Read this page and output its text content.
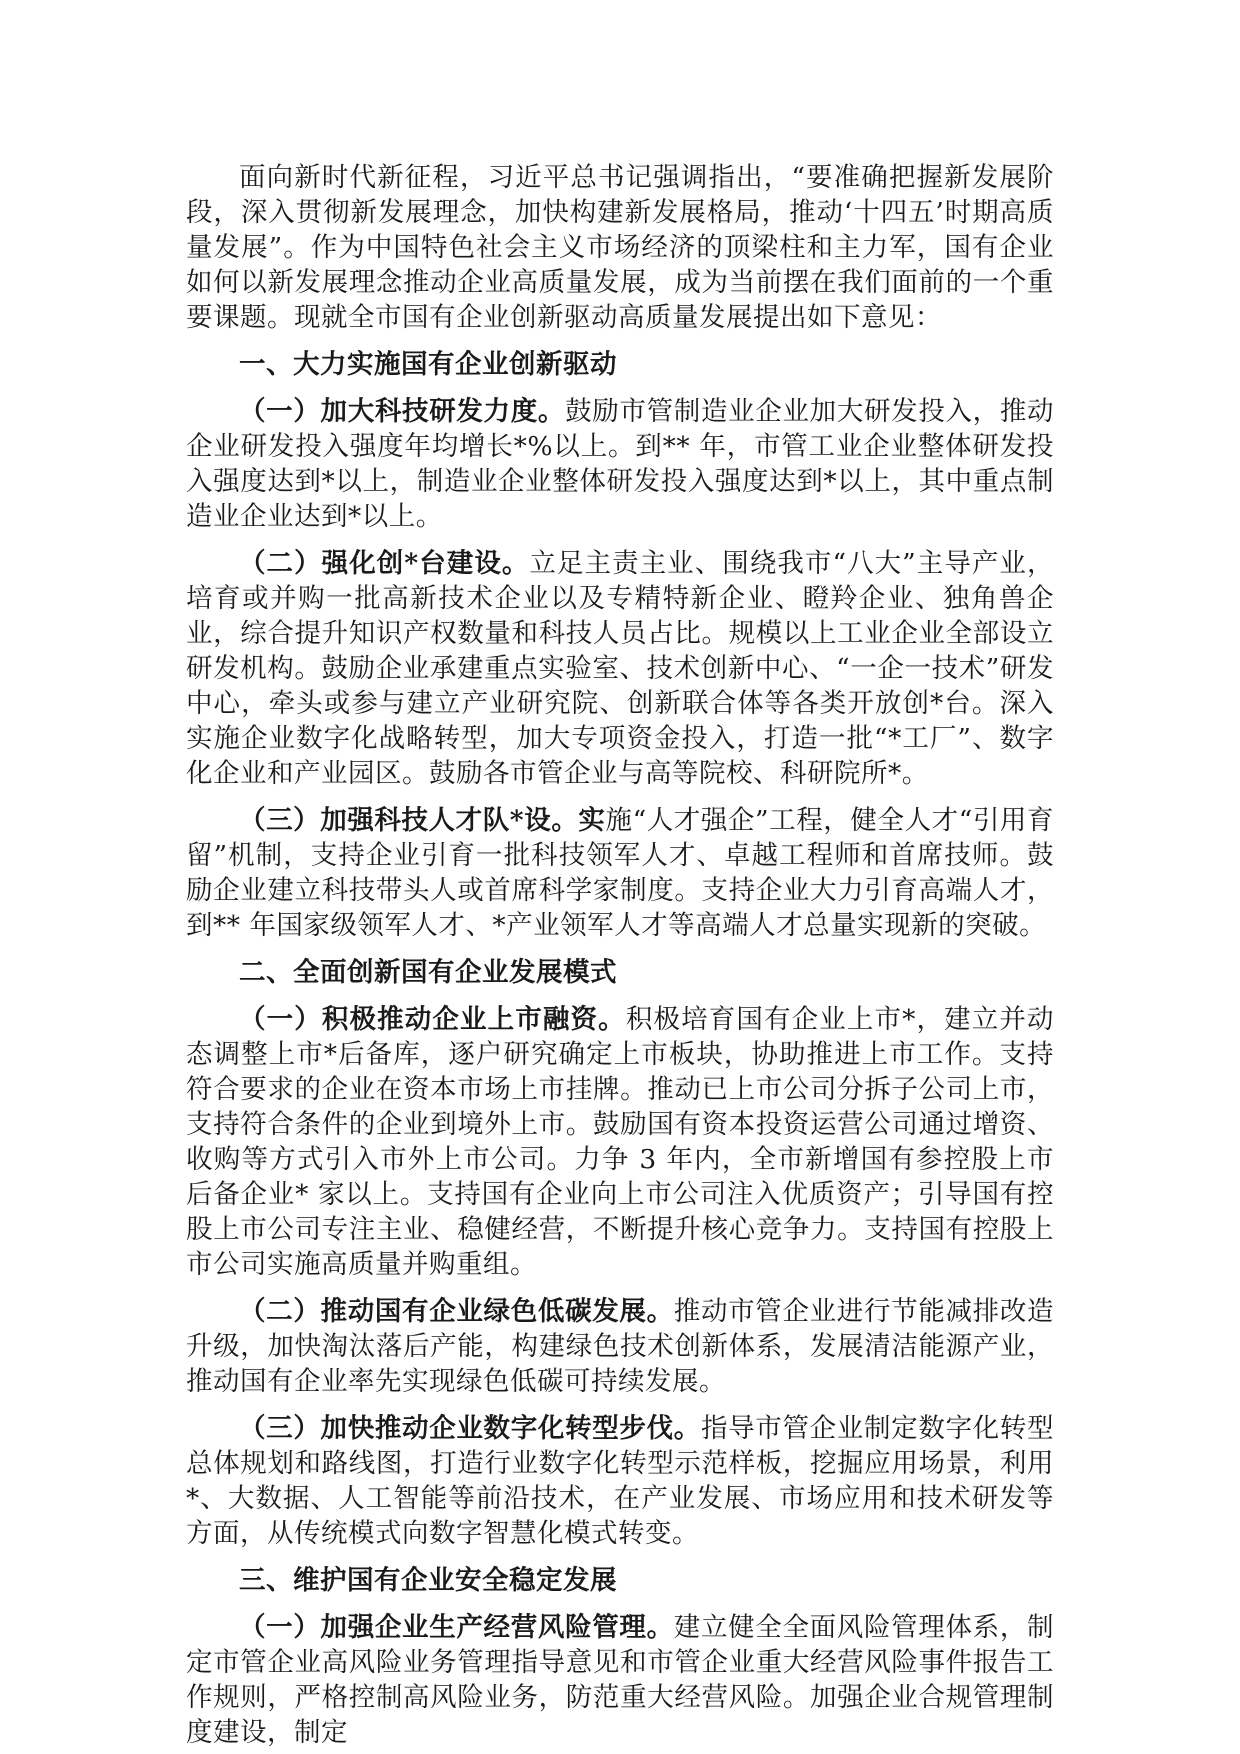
面向新时代新征程，习近平总书记强调指出，“要准确把握新发展阶段，深入贯彻新发展理念，加快构建新发展格局，推动‘十四五’时期高质量发展”。作为中国特色社会主义市场经济的顶梁柱和主力军，国有企业如何以新发展理念推动企业高质量发展，成为当前摆在我们面前的一个重要课题。现就全市国有企业创新驱动高质量发展提出如下意见：

一、大力实施国有企业创新驱动

（一）加大科技研发力度。鼓励市管制造业企业加大研发投入，推动企业研发投入强度年均增长*%以上。到** 年，市管工业企业整体研发投入强度达到*以上，制造业企业整体研发投入强度达到*以上，其中重点制造业企业达到*以上。

（二）强化创*台建设。立足主责主业、围绕我市“八大”主导产业，培育或并购一批高新技术企业以及专精特新企业、瞪羚企业、独角兽企业，综合提升知识产权数量和科技人员占比。规模以上工业企业全部设立研发机构。鼓励企业承建重点实验室、技术创新中心、“一企一技术”研发中心，牵头或参与建立产业研究院、创新联合体等各类开放创*台。深入实施企业数字化战略转型，加大专项资金投入，打造一批“*工厂”、数字化企业和产业园区。鼓励各市管企业与高等院校、科研院所*。

（三）加强科技人才队*设。实施“人才强企”工程，健全人才“引用育留”机制，支持企业引育一批科技领军人才、卓越工程师和首席技师。鼓励企业建立科技带头人或首席科学家制度。支持企业大力引育高端人才，到** 年国家级领军人才、*产业领军人才等高端人才总量实现新的突破。

二、全面创新国有企业发展模式

（一）积极推动企业上市融资。积极培育国有企业上市*，建立并动态调整上市*后备库，逐户研究确定上市板块，协助推进上市工作。支持符合要求的企业在资本市场上市挂牌。推动已上市公司分拆子公司上市，支持符合条件的企业到境外上市。鼓励国有资本投资运营公司通过增资、收购等方式引入市外上市公司。力争 3 年内，全市新增国有参控股上市后备企业* 家以上。支持国有企业向上市公司注入优质资产；引导国有控股上市公司专注主业、稳健经营，不断提升核心竞争力。支持国有控股上市公司实施高质量并购重组。

（二）推动国有企业绿色低碳发展。推动市管企业进行节能减排改造升级，加快淘汰落后产能，构建绿色技术创新体系，发展清洁能源产业，推动国有企业率先实现绿色低碳可持续发展。

（三）加快推动企业数字化转型步伐。指导市管企业制定数字化转型总体规划和路线图，打造行业数字化转型示范样板，挖掘应用场景，利用*、大数据、人工智能等前沿技术，在产业发展、市场应用和技术研发等方面，从传统模式向数字智慧化模式转变。

三、维护国有企业安全稳定发展

（一）加强企业生产经营风险管理。建立健全全面风险管理体系，制定市管企业高风险业务管理指导意见和市管企业重大经营风险事件报告工作规则，严格控制高风险业务，防范重大经营风险。加强企业合规管理制度建设，制定
